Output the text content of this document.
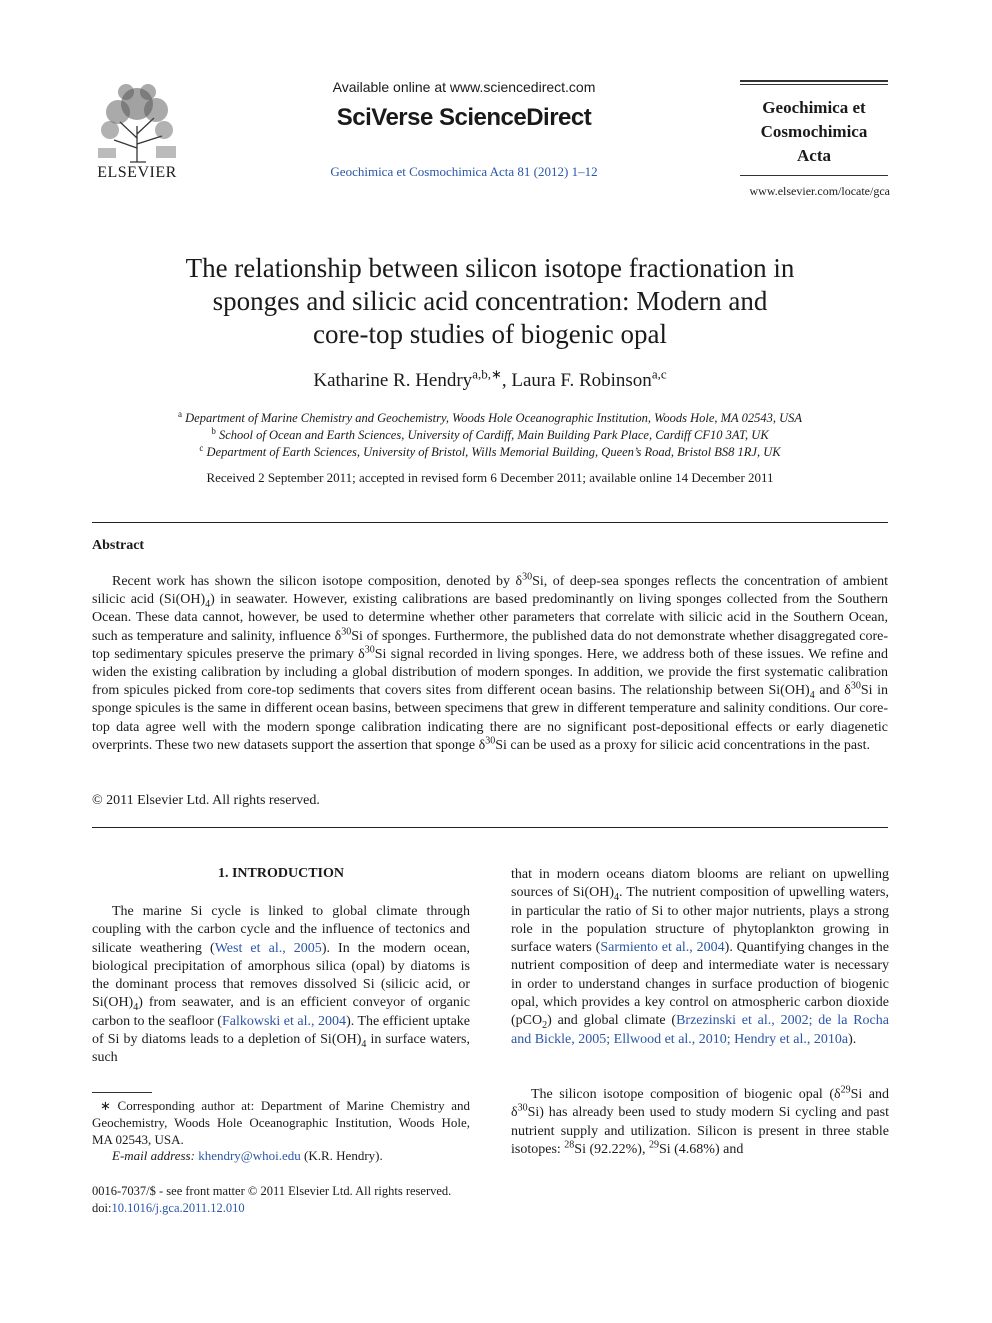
ELSEVIER
Available online at www.sciencedirect.com
SciVerse ScienceDirect
Geochimica et Cosmochimica Acta 81 (2012) 1–12
Geochimica et
Cosmochimica
Acta
www.elsevier.com/locate/gca
The relationship between silicon isotope fractionation in
sponges and silicic acid concentration: Modern and
core-top studies of biogenic opal
Katharine R. Hendry$^{a,b,∗}$, Laura F. Robinson$^{a,c}$
$^a$ Department of Marine Chemistry and Geochemistry, Woods Hole Oceanographic Institution, Woods Hole, MA 02543, USA
$^b$ School of Ocean and Earth Sciences, University of Cardiff, Main Building Park Place, Cardiff CF10 3AT, UK
$^c$ Department of Earth Sciences, University of Bristol, Wills Memorial Building, Queen’s Road, Bristol BS8 1RJ, UK
Received 2 September 2011; accepted in revised form 6 December 2011; available online 14 December 2011
Abstract
Recent work has shown the silicon isotope composition, denoted by $\delta^{30}Si$, of deep-sea sponges reflects the concentration of ambient silicic acid $(Si(OH)_4)$ in seawater. However, existing calibrations are based predominantly on living sponges collected from the Southern Ocean. These data cannot, however, be used to determine whether other parameters that correlate with silicic acid in the Southern Ocean, such as temperature and salinity, influence $\delta^{30}Si$ of sponges. Furthermore, the published data do not demonstrate whether disaggregated core-top sedimentary spicules preserve the primary $\delta^{30}Si$ signal recorded in living sponges. Here, we address both of these issues. We refine and widen the existing calibration by including a global distribution of modern sponges. In addition, we provide the first systematic calibration from spicules picked from core-top sediments that covers sites from different ocean basins. The relationship between $Si(OH)_4$ and $\delta^{30}Si$ in sponge spicules is the same in different ocean basins, between specimens that grew in different temperature and salinity conditions. Our core-top data agree well with the modern sponge calibration indicating there are no significant post-depositional effects or early diagenetic overprints. These two new datasets support the assertion that sponge $\delta^{30}Si$ can be used as a proxy for silicic acid concentrations in the past.
© 2011 Elsevier Ltd. All rights reserved.
1. INTRODUCTION
The marine Si cycle is linked to global climate through coupling with the carbon cycle and the influence of tectonics and silicate weathering (West et al., 2005). In the modern ocean, biological precipitation of amorphous silica (opal) by diatoms is the dominant process that removes dissolved Si (silicic acid, or $Si(OH)_4$) from seawater, and is an efficient conveyor of organic carbon to the seafloor (Falkowski et al., 2004). The efficient uptake of Si by diatoms leads to a depletion of $Si(OH)_4$ in surface waters, such
∗ Corresponding author at: Department of Marine Chemistry and Geochemistry, Woods Hole Oceanographic Institution, Woods Hole, MA 02543, USA.
E-mail address: khendry@whoi.edu (K.R. Hendry).
0016-7037/$ - see front matter © 2011 Elsevier Ltd. All rights reserved.
doi:10.1016/j.gca.2011.12.010
that in modern oceans diatom blooms are reliant on upwelling sources of $Si(OH)_4$. The nutrient composition of upwelling waters, in particular the ratio of Si to other major nutrients, plays a strong role in the population structure of phytoplankton growing in surface waters (Sarmiento et al., 2004). Quantifying changes in the nutrient composition of deep and intermediate water is necessary in order to understand changes in surface production of biogenic opal, which provides a key control on atmospheric carbon dioxide (pCO$_2$) and global climate (Brzezinski et al., 2002; de la Rocha and Bickle, 2005; Ellwood et al., 2010; Hendry et al., 2010a).
The silicon isotope composition of biogenic opal ($\delta^{29}Si$ and $\delta^{30}Si$) has already been used to study modern Si cycling and past nutrient supply and utilization. Silicon is present in three stable isotopes: $^{28}$Si (92.22%), $^{29}$Si (4.68%) and
